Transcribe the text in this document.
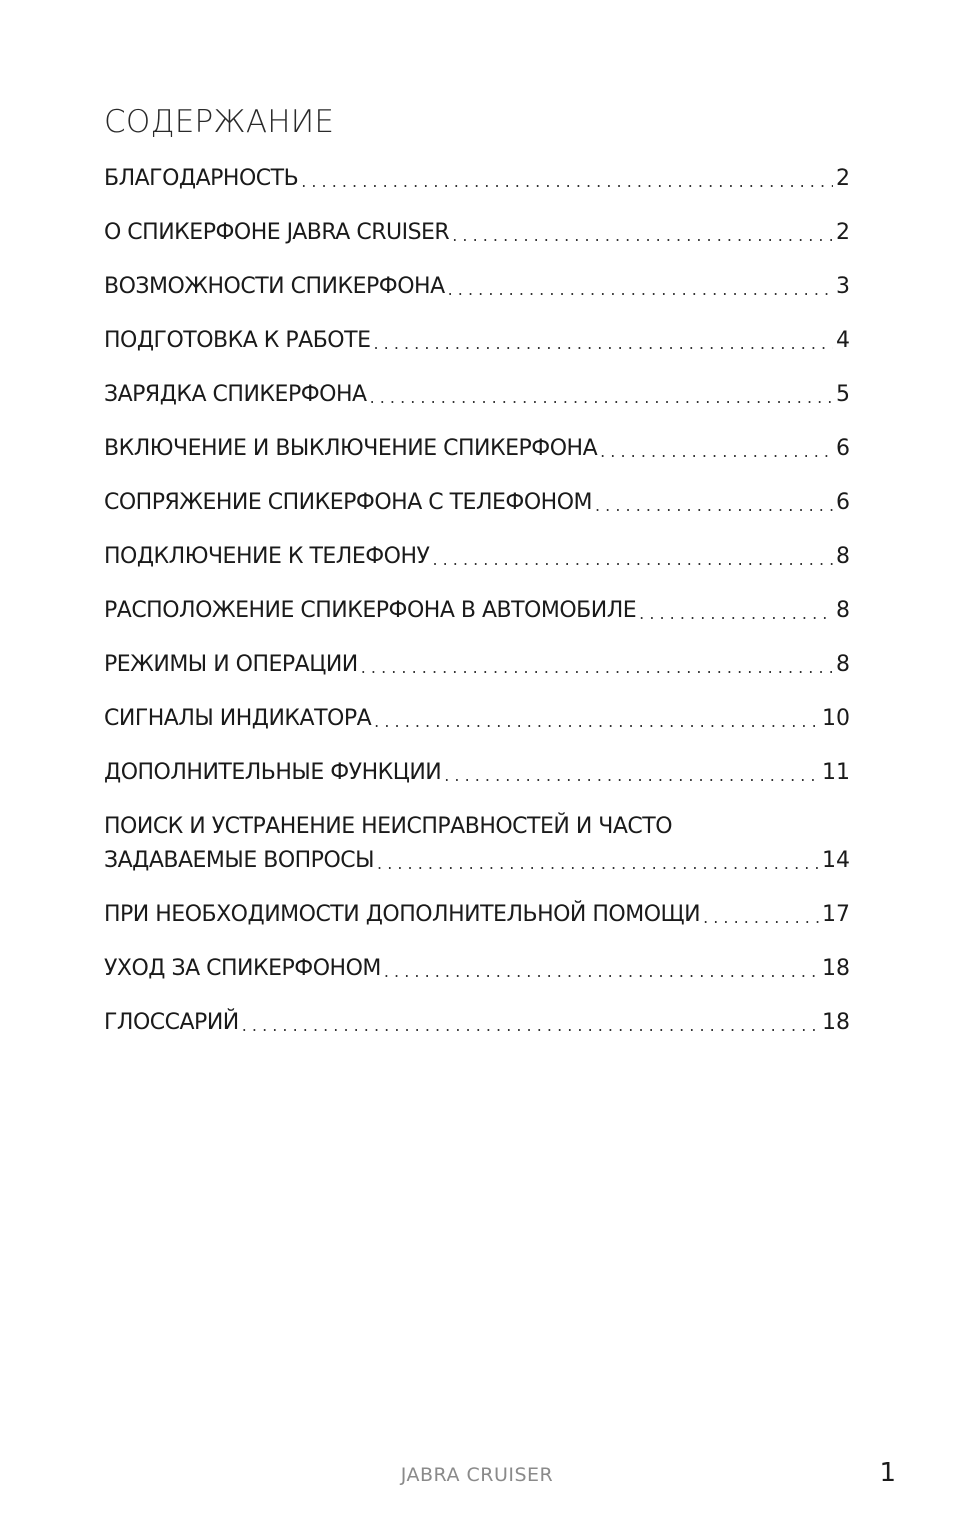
СОДЕРЖАНИЕ
БЛАГОДАРНОСТЬ . . .	2
О СПИКЕРФОНЕ JABRA CRUISER . . .	2
ВОЗМОЖНОСТИ СПИКЕРФОНА . . .	3
ПОДГОТОВКА К РАБОТЕ . . .	4
ЗАРЯДКА СПИКЕРФОНА . . .	5
ВКЛЮЧЕНИЕ И ВЫКЛЮЧЕНИЕ СПИКЕРФОНА . . .	6
СОПРЯЖЕНИЕ СПИКЕРФОНА С ТЕЛЕФОНОМ . . .	6
ПОДКЛЮЧЕНИЕ К ТЕЛЕФОНУ . . .	8
РАСПОЛОЖЕНИЕ СПИКЕРФОНА В АВТОМОБИЛЕ . . .	8
РЕЖИМЫ И ОПЕРАЦИИ . . .	8
СИГНАЛЫ ИНДИКАТОРА . . .	10
ДОПОЛНИТЕЛЬНЫЕ ФУНКЦИИ . . .	11
ПОИСК И УСТРАНЕНИЕ НЕИСПРАВНОСТЕЙ И ЧАСТО
ЗАДАВАЕМЫЕ ВОПРОСЫ . . .	14
ПРИ НЕОБХОДИМОСТИ ДОПОЛНИТЕЛЬНОЙ ПОМОЩИ . . .	17
УХОД ЗА СПИКЕРФОНОМ . . .	18
ГЛОССАРИЙ . . .	18
JABRA CRUISER	1
